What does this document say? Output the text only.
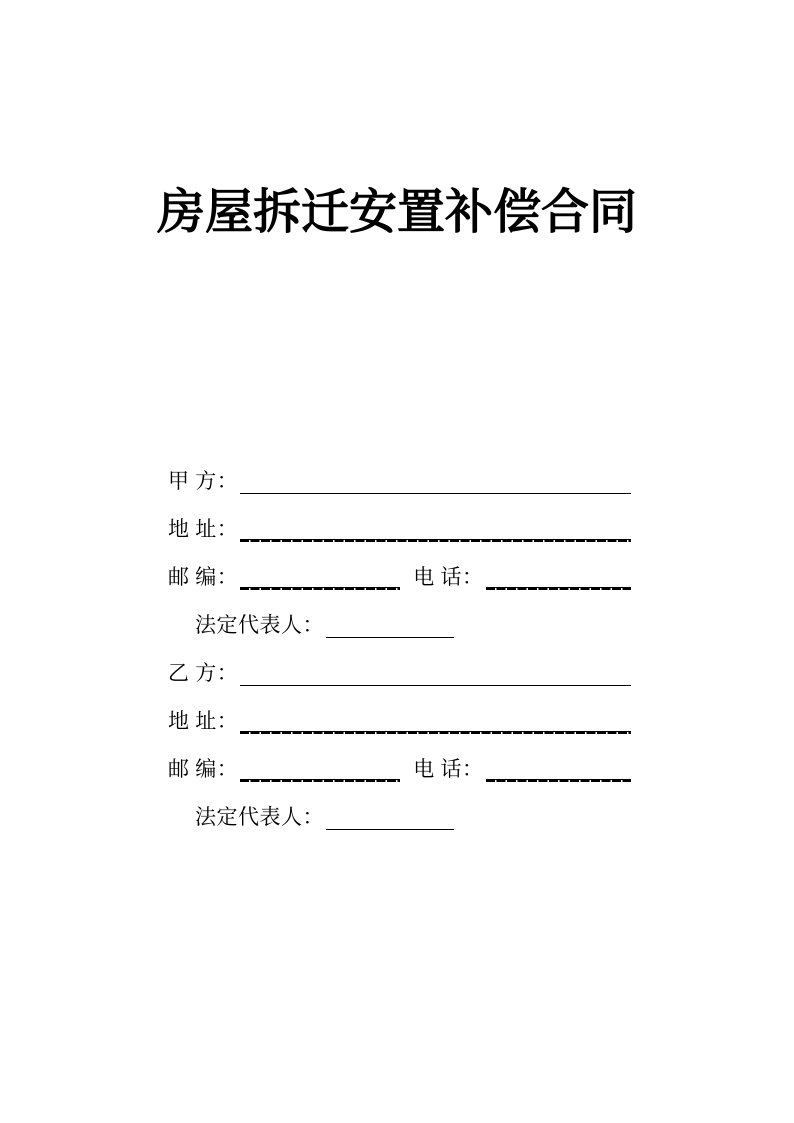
房屋拆迁安置补偿合同
甲 方：
地 址：
邮 编：	电 话：
法定代表人：
乙 方：
地 址：
邮 编：	电 话：
法定代表人：
